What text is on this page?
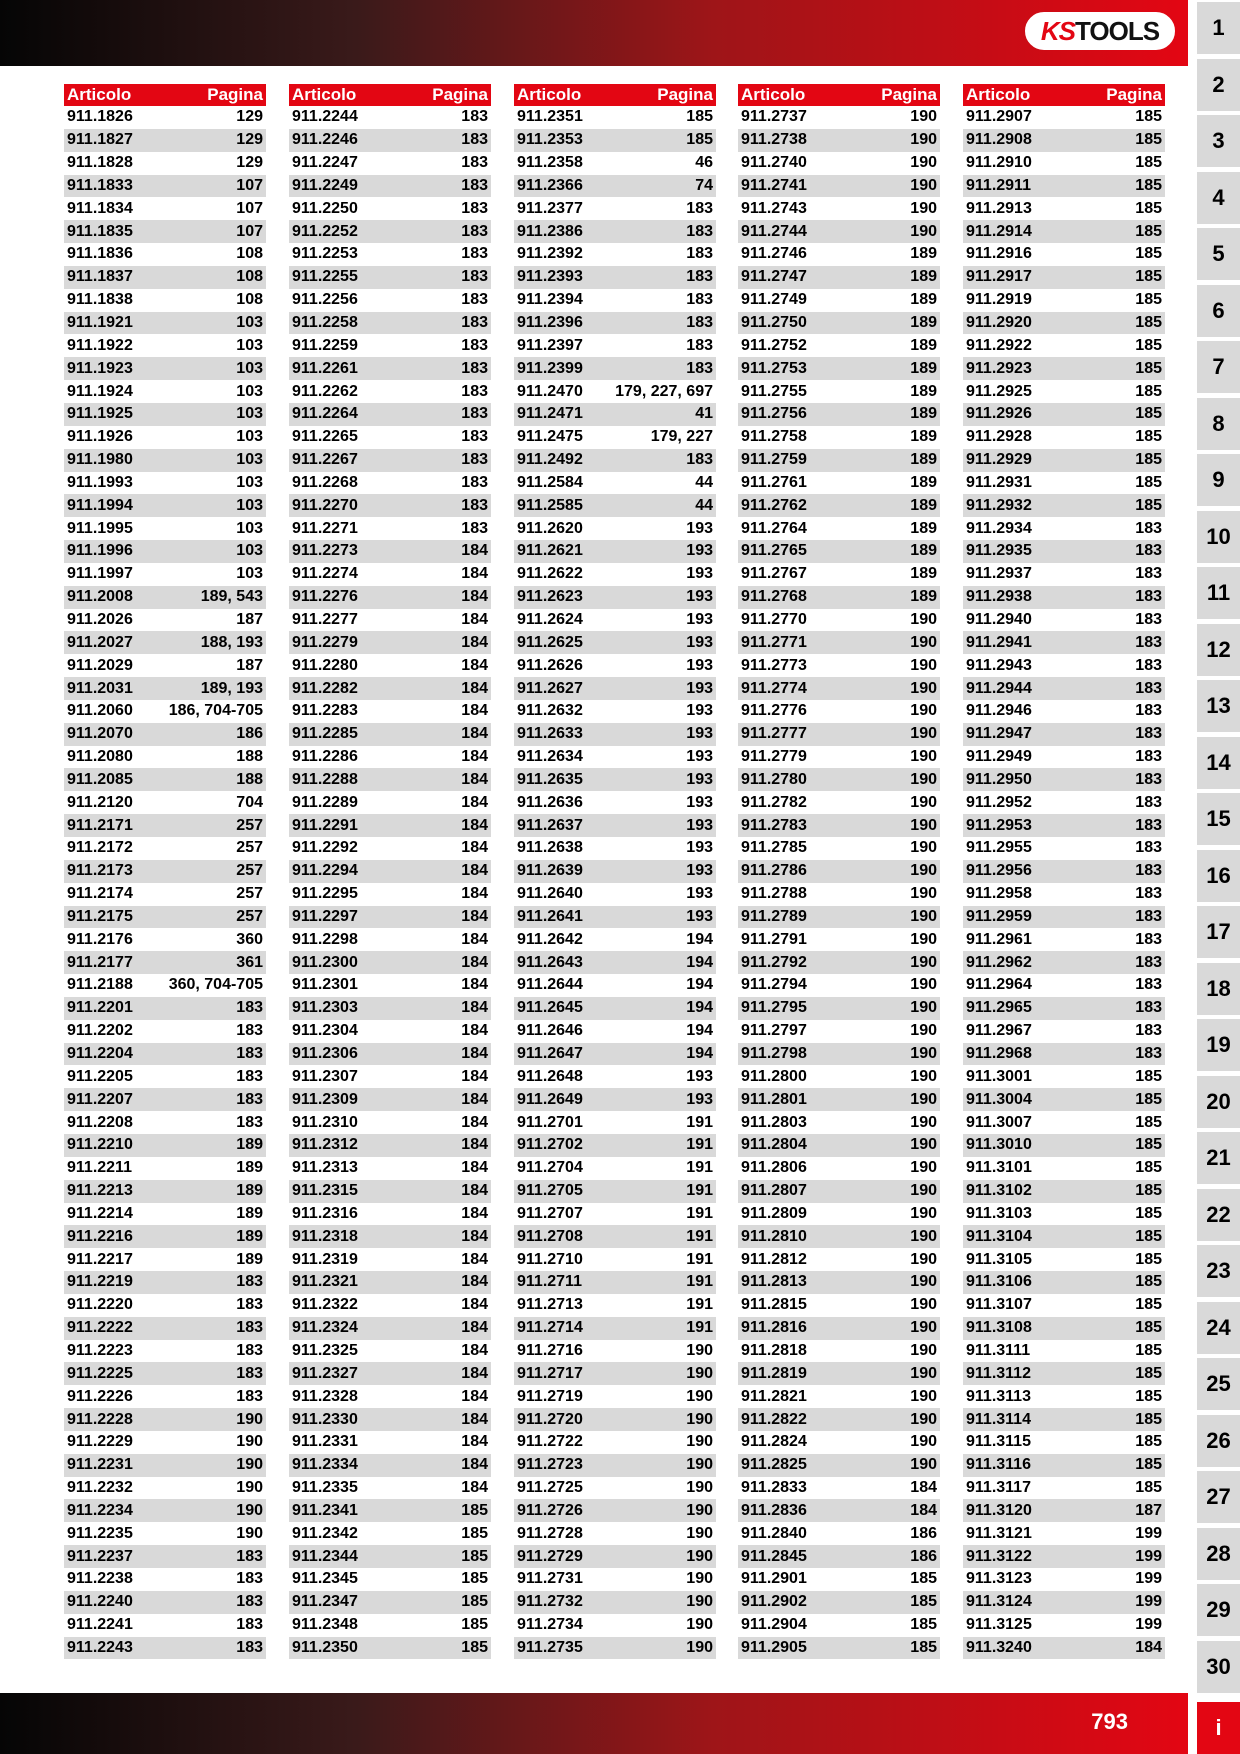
KS TOOLS
Articolo	Pagina
911.1826	129
911.1827	129
911.1828	129
911.1833	107
911.1834	107
911.1835	107
911.1836	108
911.1837	108
911.1838	108
911.1921	103
911.1922	103
911.1923	103
911.1924	103
911.1925	103
911.1926	103
911.1980	103
911.1993	103
911.1994	103
911.1995	103
911.1996	103
911.1997	103
911.2008	189, 543
911.2026	187
911.2027	188, 193
911.2029	187
911.2031	189, 193
911.2060 186, 704-705
911.2070	186
911.2080	188
911.2085	188
911.2120	704
911.2171	257
911.2172	257
911.2173	257
911.2174	257
911.2175	257
911.2176	360
911.2177	361
911.2188 360, 704-705
911.2201	183
911.2202	183
911.2204	183
911.2205	183
911.2207	183
911.2208	183
911.2210	189
911.2211	189
911.2213	189
911.2214	189
911.2216	189
911.2217	189
911.2219	183
911.2220	183
911.2222	183
911.2223	183
911.2225	183
911.2226	183
911.2228	190
911.2229	190
911.2231	190
911.2232	190
911.2234	190
911.2235	190
911.2237	183
911.2238	183
911.2240	183
911.2241	183
911.2243	183
Articolo	Pagina
911.2244	183
911.2246	183
911.2247	183
911.2249	183
911.2250	183
911.2252	183
911.2253	183
911.2255	183
911.2256	183
911.2258	183
911.2259	183
911.2261	183
911.2262	183
911.2264	183
911.2265	183
911.2267	183
911.2268	183
911.2270	183
911.2271	183
911.2273	184
911.2274	184
911.2276	184
911.2277	184
911.2279	184
911.2280	184
911.2282	184
911.2283	184
911.2285	184
911.2286	184
911.2288	184
911.2289	184
911.2291	184
911.2292	184
911.2294	184
911.2295	184
911.2297	184
911.2298	184
911.2300	184
911.2301	184
911.2303	184
911.2304	184
911.2306	184
911.2307	184
911.2309	184
911.2310	184
911.2312	184
911.2313	184
911.2315	184
911.2316	184
911.2318	184
911.2319	184
911.2321	184
911.2322	184
911.2324	184
911.2325	184
911.2327	184
911.2328	184
911.2330	184
911.2331	184
911.2334	184
911.2335	184
911.2341	185
911.2342	185
911.2344	185
911.2345	185
911.2347	185
911.2348	185
911.2350	185
Articolo	Pagina
911.2351	185
911.2353	185
911.2358	46
911.2366	74
911.2377	183
911.2386	183
911.2392	183
911.2393	183
911.2394	183
911.2396	183
911.2397	183
911.2399	183
911.2470 179, 227, 697
911.2471	41
911.2475	179, 227
911.2492	183
911.2584	44
911.2585	44
911.2620	193
911.2621	193
911.2622	193
911.2623	193
911.2624	193
911.2625	193
911.2626	193
911.2627	193
911.2632	193
911.2633	193
911.2634	193
911.2635	193
911.2636	193
911.2637	193
911.2638	193
911.2639	193
911.2640	193
911.2641	193
911.2642	194
911.2643	194
911.2644	194
911.2645	194
911.2646	194
911.2647	194
911.2648	193
911.2649	193
911.2701	191
911.2702	191
911.2704	191
911.2705	191
911.2707	191
911.2708	191
911.2710	191
911.2711	191
911.2713	191
911.2714	191
911.2716	190
911.2717	190
911.2719	190
911.2720	190
911.2722	190
911.2723	190
911.2725	190
911.2726	190
911.2728	190
911.2729	190
911.2731	190
911.2732	190
911.2734	190
911.2735	190
Articolo	Pagina
911.2737	190
911.2738	190
911.2740	190
911.2741	190
911.2743	190
911.2744	190
911.2746	189
911.2747	189
911.2749	189
911.2750	189
911.2752	189
911.2753	189
911.2755	189
911.2756	189
911.2758	189
911.2759	189
911.2761	189
911.2762	189
911.2764	189
911.2765	189
911.2767	189
911.2768	189
911.2770	190
911.2771	190
911.2773	190
911.2774	190
911.2776	190
911.2777	190
911.2779	190
911.2780	190
911.2782	190
911.2783	190
911.2785	190
911.2786	190
911.2788	190
911.2789	190
911.2791	190
911.2792	190
911.2794	190
911.2795	190
911.2797	190
911.2798	190
911.2800	190
911.2801	190
911.2803	190
911.2804	190
911.2806	190
911.2807	190
911.2809	190
911.2810	190
911.2812	190
911.2813	190
911.2815	190
911.2816	190
911.2818	190
911.2819	190
911.2821	190
911.2822	190
911.2824	190
911.2825	190
911.2833	184
911.2836	184
911.2840	186
911.2845	186
911.2901	185
911.2902	185
911.2904	185
911.2905	185
Articolo	Pagina
911.2907	185
911.2908	185
911.2910	185
911.2911	185
911.2913	185
911.2914	185
911.2916	185
911.2917	185
911.2919	185
911.2920	185
911.2922	185
911.2923	185
911.2925	185
911.2926	185
911.2928	185
911.2929	185
911.2931	185
911.2932	185
911.2934	183
911.2935	183
911.2937	183
911.2938	183
911.2940	183
911.2941	183
911.2943	183
911.2944	183
911.2946	183
911.2947	183
911.2949	183
911.2950	183
911.2952	183
911.2953	183
911.2955	183
911.2956	183
911.2958	183
911.2959	183
911.2961	183
911.2962	183
911.2964	183
911.2965	183
911.2967	183
911.2968	183
911.3001	185
911.3004	185
911.3007	185
911.3010	185
911.3101	185
911.3102	185
911.3103	185
911.3104	185
911.3105	185
911.3106	185
911.3107	185
911.3108	185
911.3111	185
911.3112	185
911.3113	185
911.3114	185
911.3115	185
911.3116	185
911.3117	185
911.3120	187
911.3121	199
911.3122	199
911.3123	199
911.3124	199
911.3125	199
911.3240	184
1
2
3
4
5
6
7
8
9
10
11
12
13
14
15
16
17
18
19
20
21
22
23
24
25
26
27
28
29
30
i
793
